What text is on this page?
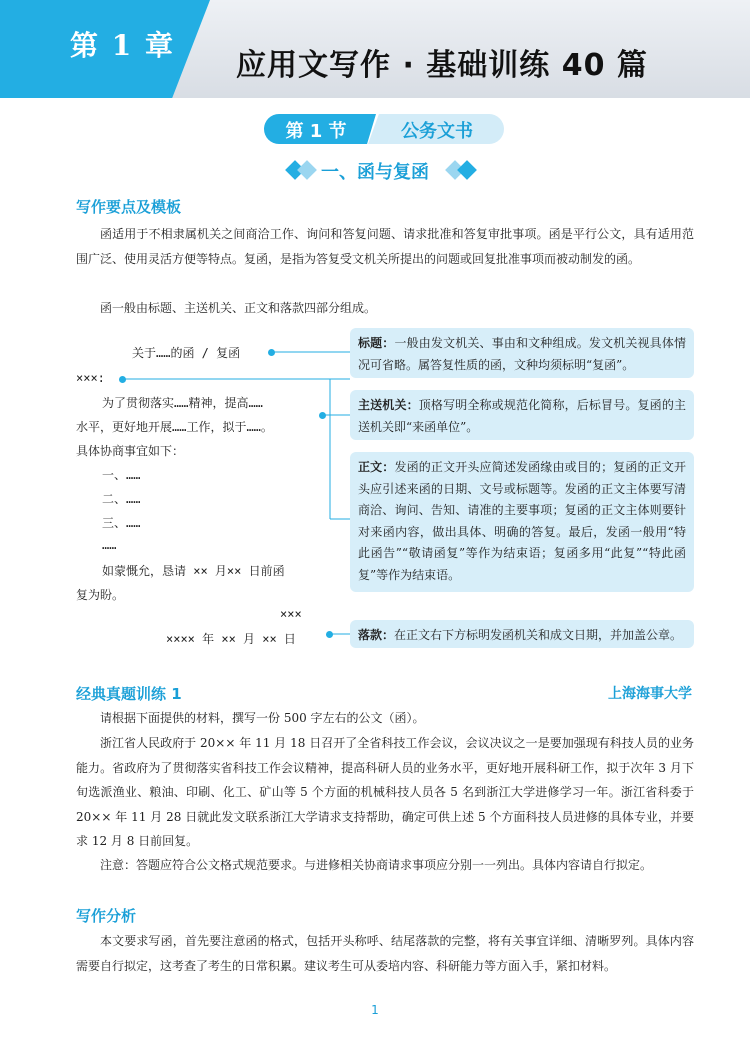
第 1 章
应用文写作 · 基础训练 40 篇
第 1 节	公务文书
一、函与复函
写作要点及模板

函适用于不相隶属机关之间商洽工作、询问和答复问题、请求批准和答复审批事项。函是平行公文，具有适用范围广泛、使用灵活方便等特点。复函，是指为答复受文机关所提出的问题或回复批准事项而被动制发的函。

函一般由标题、主送机关、正文和落款四部分组成。

关于……的函 / 复函
×××:
为了贯彻落实……精神，提高……
水平，更好地开展……工作，拟于……。
具体协商事宜如下：
一、……
二、……
三、……
……
如蒙慨允，恳请 ×× 月×× 日前函
复为盼。
×××
×××× 年 ×× 月 ×× 日
标题：一般由发文机关、事由和文种组成。发文机关视具体情况可省略。属答复性质的函，文种均须标明“复函”。
主送机关：顶格写明全称或规范化简称，后标冒号。复函的主送机关即“来函单位”。
正文：发函的正文开头应简述发函缘由或目的；复函的正文开头应引述来函的日期、文号或标题等。发函的正文主体要写清商洽、询问、告知、请准的主要事项；复函的正文主体则要针对来函内容，做出具体、明确的答复。最后，发函一般用“特此函告”“敬请函复”等作为结束语；复函多用“此复”“特此函复”等作为结束语。
落款：在正文右下方标明发函机关和成文日期，并加盖公章。
经典真题训练 1	上海海事大学

请根据下面提供的材料，撰写一份 500 字左右的公文（函）。

浙江省人民政府于 20×× 年 11 月 18 日召开了全省科技工作会议，会议决议之一是要加强现有科技人员的业务能力。省政府为了贯彻落实省科技工作会议精神，提高科研人员的业务水平，更好地开展科研工作，拟于次年 3 月下旬选派渔业、粮油、印刷、化工、矿山等 5 个方面的机械科技人员各 5 名到浙江大学进修学习一年。浙江省科委于 20×× 年 11 月 28 日就此发文联系浙江大学请求支持帮助，确定可供上述 5 个方面科技人员进修的具体专业，并要求 12 月 8 日前回复。

注意：答题应符合公文格式规范要求。与进修相关协商请求事项应分别一一列出。具体内容请自行拟定。

写作分析

本文要求写函，首先要注意函的格式，包括开头称呼、结尾落款的完整，将有关事宜详细、清晰罗列。具体内容需要自行拟定，这考查了考生的日常积累。建议考生可从委培内容、科研能力等方面入手，紧扣材料。

1
